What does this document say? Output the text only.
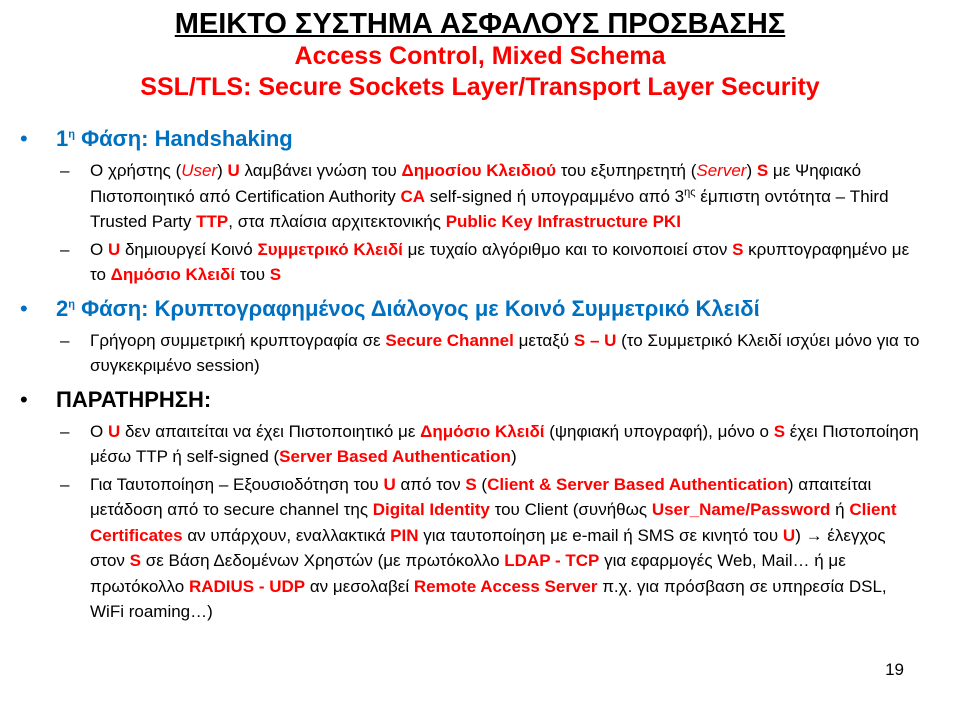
ΜΕΙΚΤΟ ΣΥΣΤΗΜΑ ΑΣΦΑΛΟΥΣ ΠΡΟΣΒΑΣΗΣ

Access Control, Mixed Schema

SSL/TLS: Secure Sockets Layer/Transport Layer Security

•	$1^\eta$ Φάση: Handshaking
–	Ο χρήστης (User) U λαμβάνει γνώση του Δημοσίου Κλειδιού του εξυπηρετητή (Server) S με Ψηφιακό Πιστοποιητικό από Certification Authority CA self-signed ή υπογραμμένο από $3^{\eta\varsigma}$ έμπιστη οντότητα – Third Trusted Party TTP, στα πλαίσια αρχιτεκτονικής Public Key Infrastructure PKI
–	Ο U δημιουργεί Κοινό Συμμετρικό Κλειδί με τυχαίο αλγόριθμο και το κοινοποιεί στον S κρυπτογραφημένο με το Δημόσιο Κλειδί του S
•	$2^\eta$ Φάση: Κρυπτογραφημένος Διάλογος με Κοινό Συμμετρικό Κλειδί
–	Γρήγορη συμμετρική κρυπτογραφία σε Secure Channel μεταξύ S – U (το Συμμετρικό Κλειδί ισχύει μόνο για το συγκεκριμένο session)
•	ΠΑΡΑΤΗΡΗΣΗ:
–	Ο U δεν απαιτείται να έχει Πιστοποιητικό με Δημόσιο Κλειδί (ψηφιακή υπογραφή), μόνο ο S έχει Πιστοποίηση μέσω TTP ή self-signed (Server Based Authentication)
–	Για Ταυτοποίηση – Εξουσιοδότηση του U από τον S (Client & Server Based Authentication) απαιτείται μετάδοση από το secure channel της Digital Identity του Client (συνήθως User_Name/Password ή Client Certificates αν υπάρχουν, εναλλακτικά PIN για ταυτοποίηση με e-mail ή SMS σε κινητό του U) → έλεγχος στον S σε Βάση Δεδομένων Χρηστών (με πρωτόκολλο LDAP - TCP για εφαρμογές Web, Mail… ή με πρωτόκολλο RADIUS - UDP αν μεσολαβεί Remote Access Server π.χ. για πρόσβαση σε υπηρεσία DSL, WiFi roaming…)
19
